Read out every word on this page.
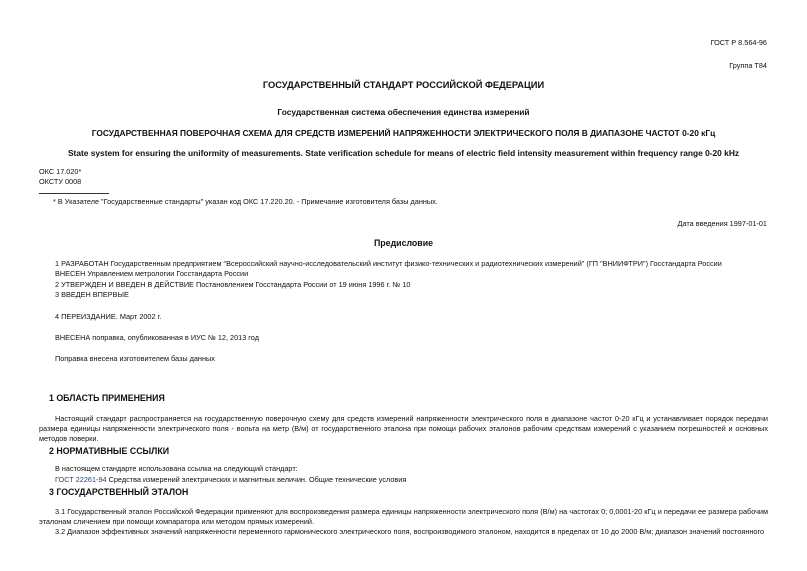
ГОСТ Р 8.564-96
Группа Т84
ГОСУДАРСТВЕННЫЙ СТАНДАРТ РОССИЙСКОЙ ФЕДЕРАЦИИ
Государственная система обеспечения единства измерений
ГОСУДАРСТВЕННАЯ ПОВЕРОЧНАЯ СХЕМА ДЛЯ СРЕДСТВ ИЗМЕРЕНИЙ НАПРЯЖЕННОСТИ ЭЛЕКТРИЧЕСКОГО ПОЛЯ В ДИАПАЗОНЕ ЧАСТОТ 0-20 кГц
State system for ensuring the uniformity of measurements. State verification schedule for means of electric field intensity measurement within frequency range 0-20 kHz
ОКС 17.020*
ОКСТУ 0008
* В Указателе "Государственные стандарты" указан код ОКС 17.220.20. - Примечание изготовителя базы данных.
Дата введения 1997-01-01
Предисловие
1 РАЗРАБОТАН Государственным предприятием "Всероссийский научно-исследовательский институт физико-технических и радиотехнических измерений" (ГП "ВНИИФТРИ") Госстандарта России
ВНЕСЕН Управлением метрологии Госстандарта России
2 УТВЕРЖДЕН И ВВЕДЕН В ДЕЙСТВИЕ Постановлением Госстандарта России от 19 июня 1996 г. № 10
3 ВВЕДЕН ВПЕРВЫЕ
4 ПЕРЕИЗДАНИЕ. Март 2002 г.
ВНЕСЕНА поправка, опубликованная в ИУС № 12, 2013 год
Поправка внесена изготовителем базы данных
1 ОБЛАСТЬ ПРИМЕНЕНИЯ
Настоящий стандарт распространяется на государственную поверочную схему для средств измерений напряженности электрического поля в диапазоне частот 0-20 кГц и устанавливает порядок передачи размера единицы напряженности электрического поля - вольта на метр (В/м) от государственного эталона при помощи рабочих эталонов рабочим средствам измерений с указанием погрешностей и основных методов поверки.
2 НОРМАТИВНЫЕ ССЫЛКИ
В настоящем стандарте использована ссылка на следующий стандарт:
ГОСТ 22261-94 Средства измерений электрических и магнитных величин. Общие технические условия
3 ГОСУДАРСТВЕННЫЙ ЭТАЛОН
3.1 Государственный эталон Российской Федерации применяют для воспроизведения размера единицы напряженности электрического поля (В/м) на частотах 0; 0,0001-20 кГц и передачи ее размера рабочим эталонам сличением при помощи компаратора или методом прямых измерений.
3.2 Диапазон эффективных значений напряженности переменного гармонического электрического поля, воспроизводимого эталоном, находится в пределах от 10 до 2000 В/м; диапазон значений постоянного
